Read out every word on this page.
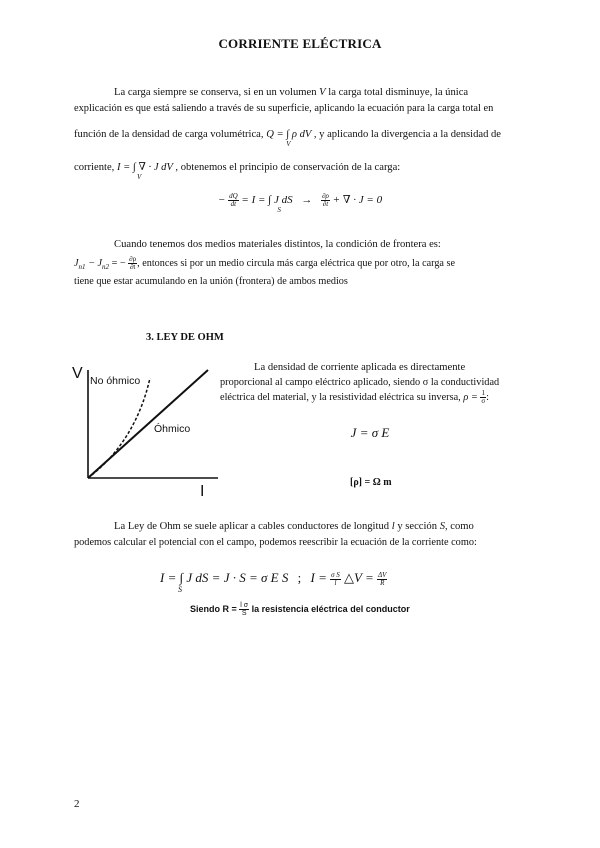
CORRIENTE ELÉCTRICA
La carga siempre se conserva, si en un volumen V la carga total disminuye, la única
explicación es que está saliendo a través de su superficie, aplicando la ecuación para la carga total en
función de la densidad de carga volumétrica, Q = ∫ ρ dV
V
, y aplicando la divergencia a la densidad de
corriente, I = ∫ ∇ · J dV
V
, obtenemos el principio de conservación de la carga:
− $\frac{dQ}{dt} = I$ = ∫ J dS
S
→ $\frac{\partial\rho}{\partial t}$ + ∇ · J = 0
Cuando tenemos dos medios materiales distintos, la condición de frontera es:
$J_{n1} - J_{n2}$ = − $\frac{\partial\rho}{\partial t}$ , entonces si por un medio circula más carga eléctrica que por otro, la carga se
tiene que estar acumulando en la unión (frontera) de ambos medios
3. LEY DE OHM
V
I
No óhmico
Óhmico
La densidad de corriente aplicada es directamente
proporcional al campo eléctrico aplicado, siendo σ la conductividad
eléctrica del material, y la resistividad eléctrica su inversa, $\rho = \frac{1}{\sigma}$ :
J = σ E
[ρ] = Ω m
La Ley de Ohm se suele aplicar a cables conductores de longitud l y sección S, como
podemos calcular el potencial con el campo, podemos reescribir la ecuación de la corriente como:
I = ∫ J dS = J · S = σ E S
S
; $I = \frac{\text{σ S}}{l}$ △V = $\frac{\Delta V}{R}$
Siendo $R = \frac{\text{l σ}}{S}$ la resistencia eléctrica del conductor
2
